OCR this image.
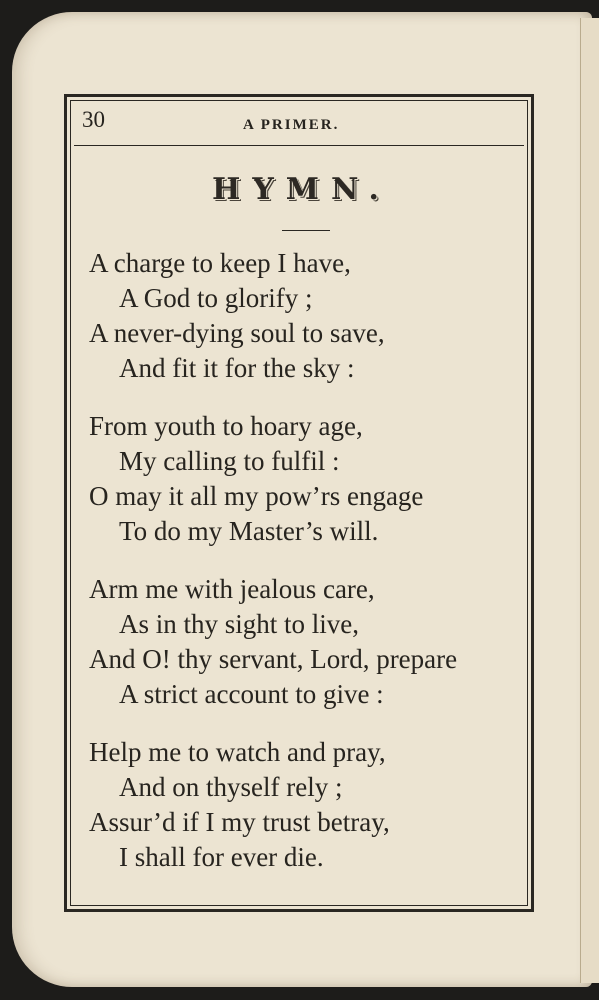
30	A PRIMER.
HYMN.
A charge to keep I have,
A God to glorify ;
A never-dying soul to save,
And fit it for the sky :
From youth to hoary age,
My calling to fulfil :
O may it all my pow’rs engage
To do my Master’s will.
Arm me with jealous care,
As in thy sight to live,
And O! thy servant, Lord, prepare
A strict account to give :
Help me to watch and pray,
And on thyself rely ;
Assur’d if I my trust betray,
I shall for ever die.
